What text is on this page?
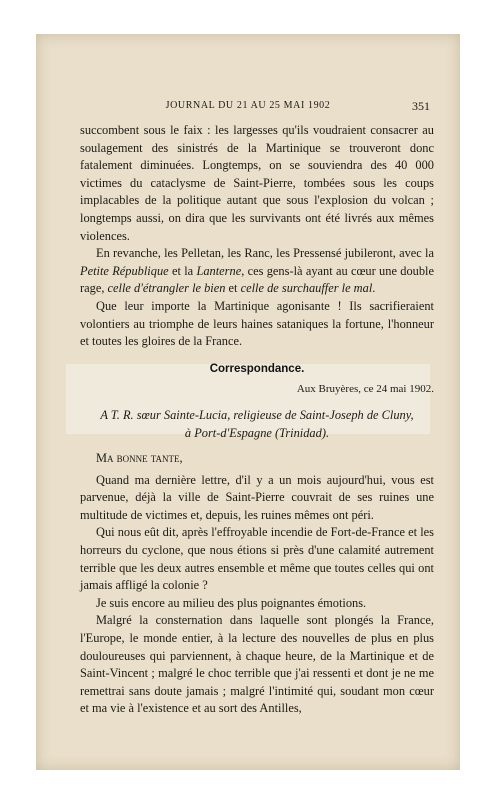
JOURNAL DU 21 AU 25 MAI 1902	351

succombent sous le faix : les largesses qu'ils voudraient consacrer au soulagement des sinistrés de la Martinique se trouveront donc fatalement diminuées. Longtemps, on se souviendra des 40 000 victimes du cataclysme de Saint-Pierre, tombées sous les coups implacables de la politique autant que sous l'explosion du volcan ; longtemps aussi, on dira que les survivants ont été livrés aux mêmes violences.

En revanche, les Pelletan, les Ranc, les Pressensé jubileront, avec la Petite République et la Lanterne, ces gens-là ayant au cœur une double rage, celle d'étrangler le bien et celle de surchauffer le mal.

Que leur importe la Martinique agonisante ! Ils sacrifieraient volontiers au triomphe de leurs haines sataniques la fortune, l'honneur et toutes les gloires de la France.

Correspondance.
Aux Bruyères, ce 24 mai 1902.
A T. R. sœur Sainte-Lucia, religieuse de Saint-Joseph de Cluny,
à Port-d'Espagne (Trinidad).
Ma bonne tante,

Quand ma dernière lettre, d'il y a un mois aujourd'hui, vous est parvenue, déjà la ville de Saint-Pierre couvrait de ses ruines une multitude de victimes et, depuis, les ruines mêmes ont péri.

Qui nous eût dit, après l'effroyable incendie de Fort-de-France et les horreurs du cyclone, que nous étions si près d'une calamité autrement terrible que les deux autres ensemble et même que toutes celles qui ont jamais affligé la colonie ?

Je suis encore au milieu des plus poignantes émotions.

Malgré la consternation dans laquelle sont plongés la France, l'Europe, le monde entier, à la lecture des nouvelles de plus en plus douloureuses qui parviennent, à chaque heure, de la Martinique et de Saint-Vincent ; malgré le choc terrible que j'ai ressenti et dont je ne me remettrai sans doute jamais ; malgré l'intimité qui, soudant mon cœur et ma vie à l'existence et au sort des Antilles,
